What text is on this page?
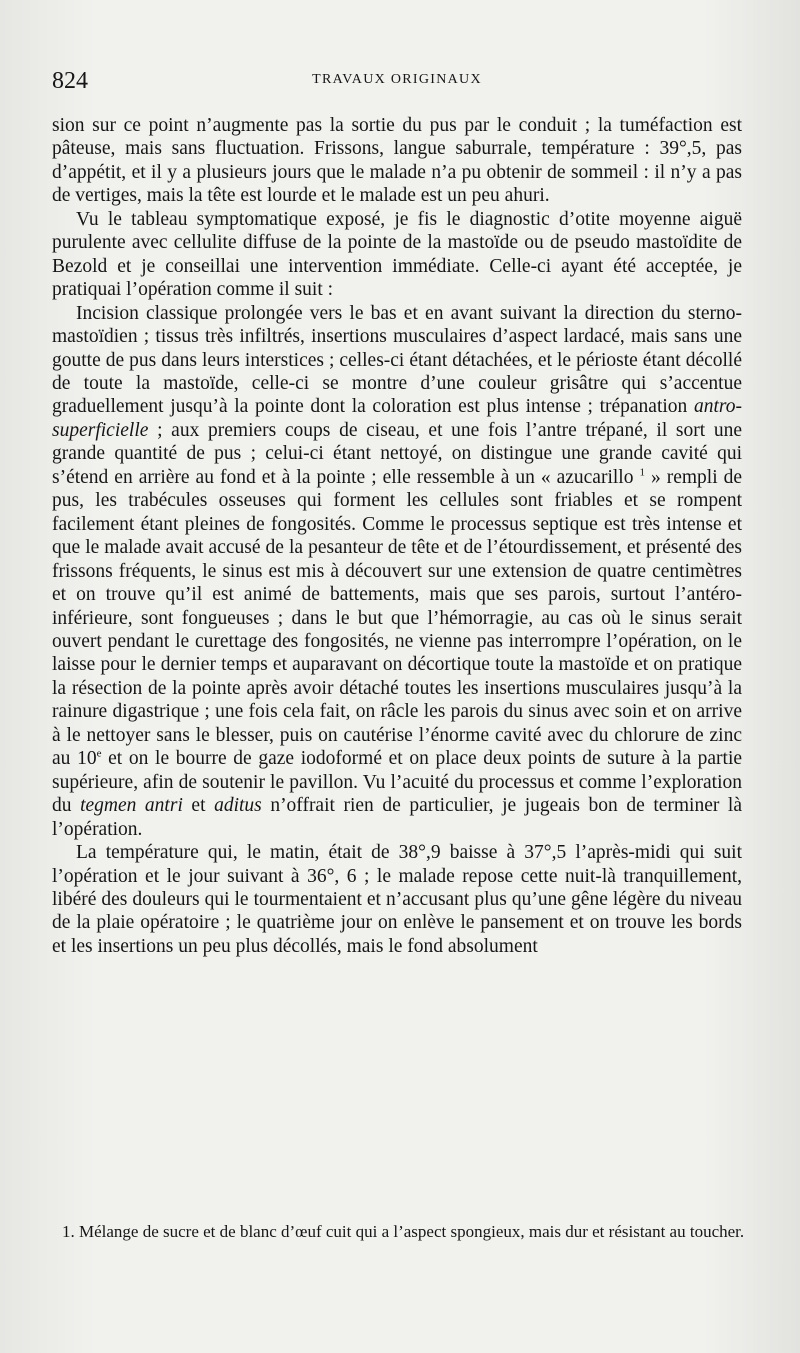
824	TRAVAUX ORIGINAUX

sion sur ce point n’augmente pas la sortie du pus par le conduit ; la tuméfaction est pâteuse, mais sans fluctuation. Frissons, langue saburrale, température : 39°,5, pas d’appétit, et il y a plusieurs jours que le malade n’a pu obtenir de sommeil : il n’y a pas de vertiges, mais la tête est lourde et le malade est un peu ahuri.

Vu le tableau symptomatique exposé, je fis le diagnostic d’otite moyenne aiguë purulente avec cellulite diffuse de la pointe de la mastoïde ou de pseudo mastoïdite de Bezold et je conseillai une intervention immédiate. Celle-ci ayant été acceptée, je pratiquai l’opération comme il suit :

Incision classique prolongée vers le bas et en avant suivant la direction du sterno-mastoïdien ; tissus très infiltrés, insertions musculaires d’aspect lardacé, mais sans une goutte de pus dans leurs interstices ; celles-ci étant détachées, et le périoste étant décollé de toute la mastoïde, celle-ci se montre d’une couleur grisâtre qui s’accentue graduellement jusqu’à la pointe dont la coloration est plus intense ; trépanation antro-superficielle ; aux premiers coups de ciseau, et une fois l’antre trépané, il sort une grande quantité de pus ; celui-ci étant nettoyé, on distingue une grande cavité qui s’étend en arrière au fond et à la pointe ; elle ressemble à un « azucarillo $^1$ » rempli de pus, les trabécules osseuses qui forment les cellules sont friables et se rompent facilement étant pleines de fongosités. Comme le processus septique est très intense et que le malade avait accusé de la pesanteur de tête et de l’étourdissement, et présenté des frissons fréquents, le sinus est mis à découvert sur une extension de quatre centimètres et on trouve qu’il est animé de battements, mais que ses parois, surtout l’antéro-inférieure, sont fongueuses ; dans le but que l’hémorragie, au cas où le sinus serait ouvert pendant le curettage des fongosités, ne vienne pas interrompre l’opération, on le laisse pour le dernier temps et auparavant on décortique toute la mastoïde et on pratique la résection de la pointe après avoir détaché toutes les insertions musculaires jusqu’à la rainure digastrique ; une fois cela fait, on râcle les parois du sinus avec soin et on arrive à le nettoyer sans le blesser, puis on cautérise l’énorme cavité avec du chlorure de zinc au 10e et on le bourre de gaze iodoformé et on place deux points de suture à la partie supérieure, afin de soutenir le pavillon. Vu l’acuité du processus et comme l’exploration du tegmen antri et aditus n’offrait rien de particulier, je jugeais bon de terminer là l’opération.

La température qui, le matin, était de 38°,9 baisse à 37°,5 l’après-midi qui suit l’opération et le jour suivant à 36°, 6 ; le malade repose cette nuit-là tranquillement, libéré des douleurs qui le tourmentaient et n’accusant plus qu’une gêne légère du niveau de la plaie opératoire ; le quatrième jour on enlève le pansement et on trouve les bords et les insertions un peu plus décollés, mais le fond absolument

1. Mélange de sucre et de blanc d’œuf cuit qui a l’aspect spongieux, mais dur et résistant au toucher.
